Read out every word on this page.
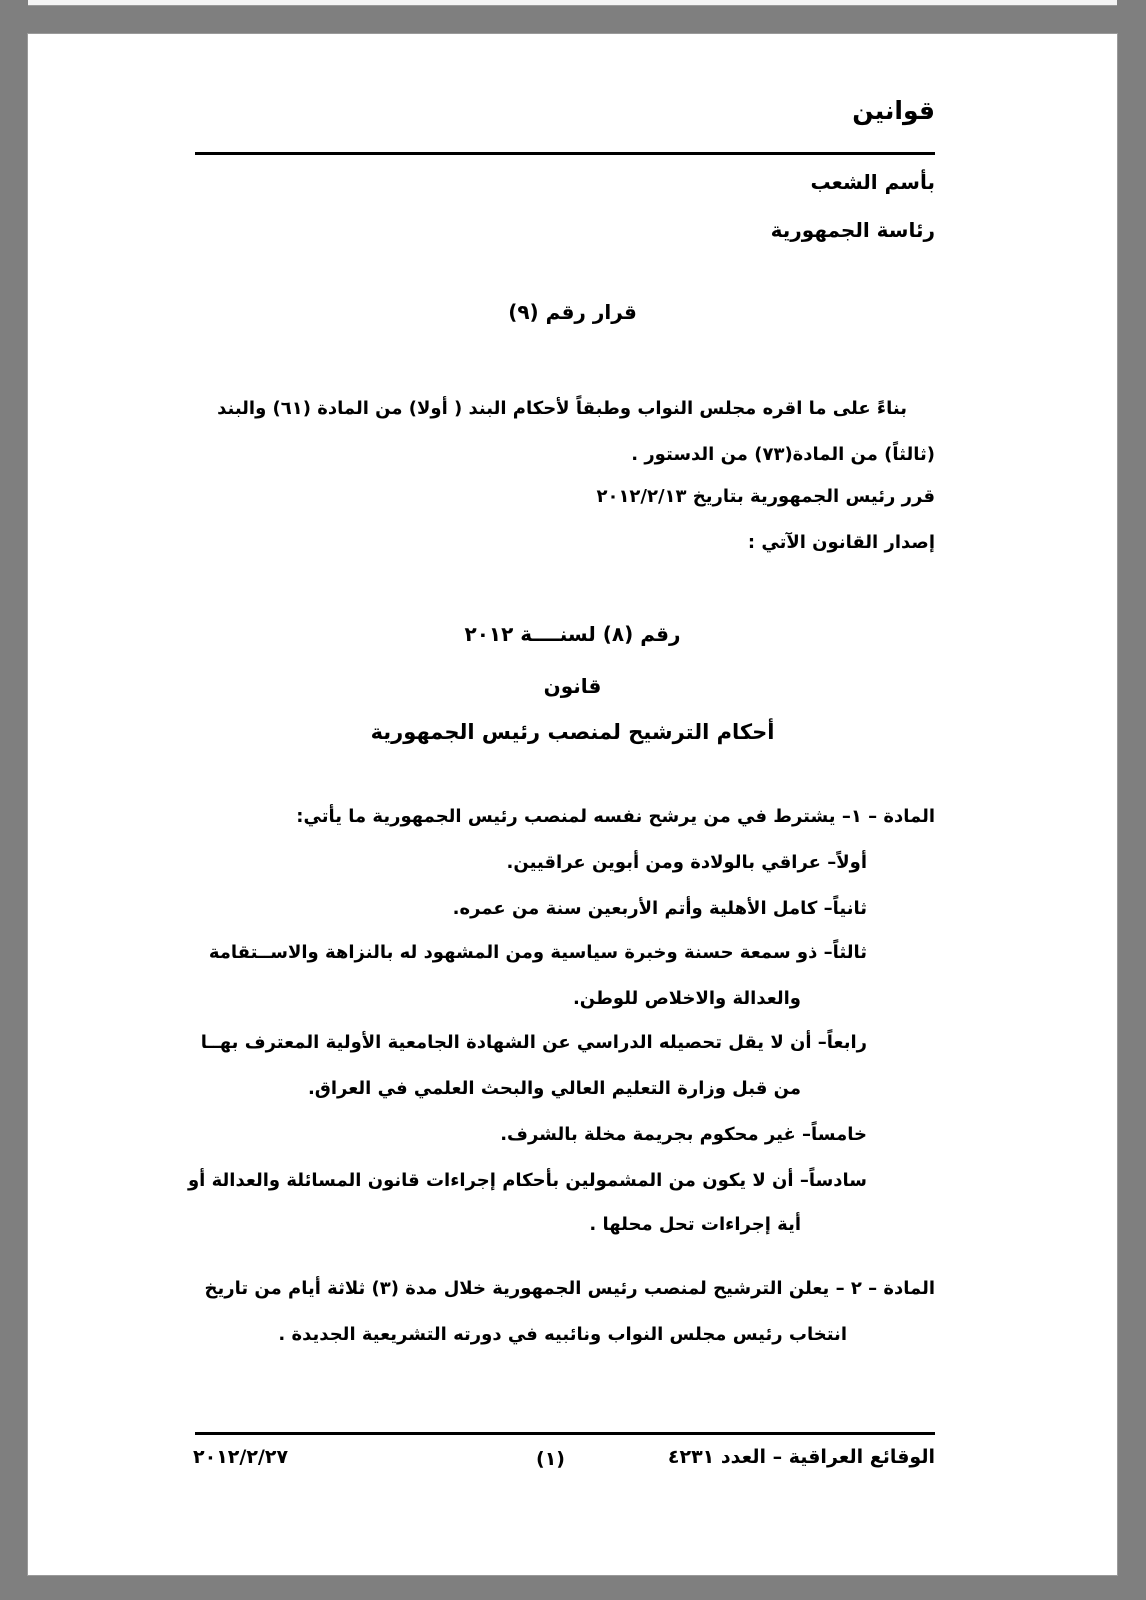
قوانين
بأسم الشعب
رئاسة الجمهورية
قرار رقم (٩)
بناءً على ما اقره مجلس النواب وطبقاً لأحكام البند ( أولا) من المادة (٦١) والبند
(ثالثاً) من المادة(٧٣) من الدستور .
قرر رئيس الجمهورية بتاريخ ٢٠١٢/٢/١٣
إصدار القانون الآتي :
رقم (٨) لسنــــة ٢٠١٢
قانون
أحكام الترشيح لمنصب رئيس الجمهورية
المادة – ١– يشترط في من يرشح نفسه لمنصب رئيس الجمهورية ما يأتي:
أولاً– عراقي بالولادة ومن أبوين عراقيين.
ثانياً– كامل الأهلية وأتم الأربعين سنة من عمره.
ثالثاً– ذو سمعة حسنة وخبرة سياسية ومن المشهود له بالنزاهة والاســتقامة
والعدالة والاخلاص للوطن.
رابعاً– أن لا يقل تحصيله الدراسي عن الشهادة الجامعية الأولية المعترف بهــا
من قبل وزارة التعليم العالي والبحث العلمي في العراق.
خامساً– غير محكوم بجريمة مخلة بالشرف.
سادساً– أن لا يكون من المشمولين بأحكام إجراءات قانون المسائلة والعدالة أو
أية إجراءات تحل محلها .
المادة – ٢ – يعلن الترشيح لمنصب رئيس الجمهورية خلال مدة (٣) ثلاثة أيام من تاريخ
انتخاب رئيس مجلس النواب ونائبيه في دورته التشريعية الجديدة .
الوقائع العراقية – العدد ٤٢٣١
(١)
٢٠١٢/٢/٢٧
